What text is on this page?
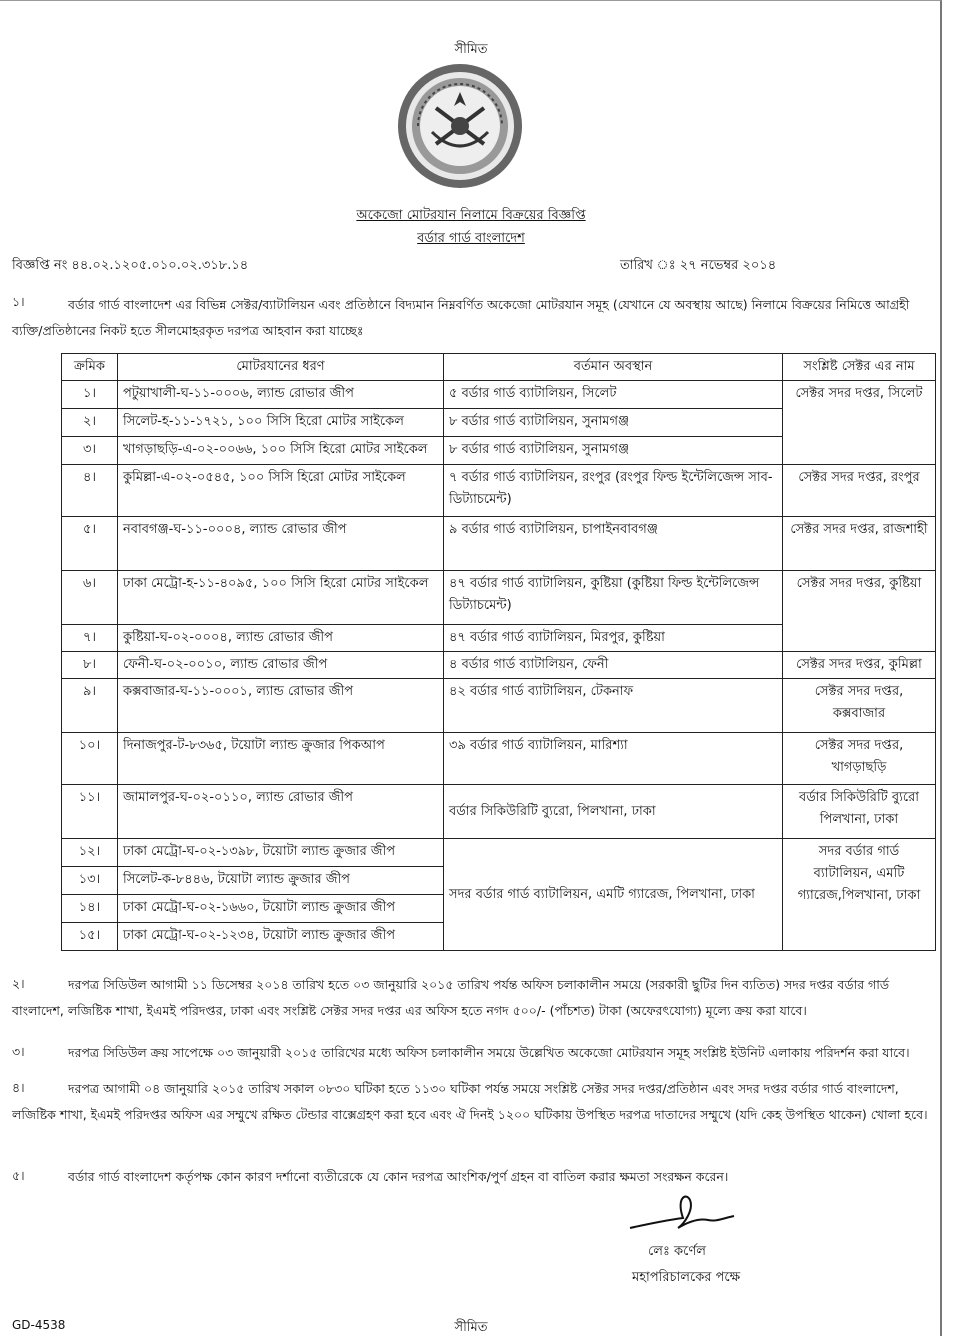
সীমিত
অকেজো মোটরযান নিলামে বিক্রয়ের বিজ্ঞপ্তি
বর্ডার গার্ড বাংলাদেশ
বিজ্ঞপ্তি নং ৪৪.০২.১২০৫.০১০.০২.৩১৮.১৪	তারিখ ঃ ২৭ নভেম্বর ২০১৪
১।	বর্ডার গার্ড বাংলাদেশ এর বিভিন্ন সেক্টর/ব্যাটালিয়ন এবং প্রতিষ্ঠানে বিদ্যমান নিম্নবর্ণিত অকেজো মোটরযান সমূহ (যেখানে যে অবস্থায় আছে) নিলামে বিক্রয়ের নিমিত্তে আগ্রহী ব্যক্তি/প্রতিষ্ঠানের নিকট হতে সীলমোহরকৃত দরপত্র আহবান করা যাচ্ছেঃ

ক্রমিক	মোটরযানের ধরণ	বর্তমান অবস্থান	সংশ্লিষ্ট সেক্টর এর নাম
১।	পটুয়াখালী-ঘ-১১-০০০৬, ল্যান্ড রোভার জীপ	৫ বর্ডার গার্ড ব্যাটালিয়ন, সিলেট	সেক্টর সদর দপ্তর, সিলেট
২।	সিলেট-হ-১১-১৭২১, ১০০ সিসি হিরো মোটর সাইকেল	৮ বর্ডার গার্ড ব্যাটালিয়ন, সুনামগঞ্জ	
৩।	খাগড়াছড়ি-এ-০২-০০৬৬, ১০০ সিসি হিরো মোটর সাইকেল	৮ বর্ডার গার্ড ব্যাটালিয়ন, সুনামগঞ্জ	
৪।	কুমিল্লা-এ-০২-০৫৪৫, ১০০ সিসি হিরো মোটর সাইকেল	৭ বর্ডার গার্ড ব্যাটালিয়ন, রংপুর (রংপুর ফিল্ড ইন্টেলিজেন্স সাব-ডিট্যাচমেন্ট)	সেক্টর সদর দপ্তর, রংপুর
৫।	নবাবগঞ্জ-ঘ-১১-০০০৪, ল্যান্ড রোভার জীপ	৯ বর্ডার গার্ড ব্যাটালিয়ন, চাপাইনবাবগঞ্জ	সেক্টর সদর দপ্তর, রাজশাহী
৬।	ঢাকা মেট্রো-হ-১১-৪০৯৫, ১০০ সিসি হিরো মোটর সাইকেল	৪৭ বর্ডার গার্ড ব্যাটালিয়ন, কুষ্টিয়া (কুষ্টিয়া ফিল্ড ইন্টেলিজেন্স ডিট্যাচমেন্ট)	সেক্টর সদর দপ্তর, কুষ্টিয়া
৭।	কুষ্টিয়া-ঘ-০২-০০০৪, ল্যান্ড রোভার জীপ	৪৭ বর্ডার গার্ড ব্যাটালিয়ন, মিরপুর, কুষ্টিয়া	
৮।	ফেনী-ঘ-০২-০০১০, ল্যান্ড রোভার জীপ	৪ বর্ডার গার্ড ব্যাটালিয়ন, ফেনী	সেক্টর সদর দপ্তর, কুমিল্লা
৯।	কক্সবাজার-ঘ-১১-০০০১, ল্যান্ড রোভার জীপ	৪২ বর্ডার গার্ড ব্যাটালিয়ন, টেকনাফ	সেক্টর সদর দপ্তর, কক্সবাজার
১০।	দিনাজপুর-ট-৮৩৬৫, টয়োটা ল্যান্ড ক্রুজার পিকআপ	৩৯ বর্ডার গার্ড ব্যাটালিয়ন, মারিশ্যা	সেক্টর সদর দপ্তর, খাগড়াছড়ি
১১।	জামালপুর-ঘ-০২-০১১০, ল্যান্ড রোভার জীপ	বর্ডার সিকিউরিটি ব্যুরো, পিলখানা, ঢাকা	বর্ডার সিকিউরিটি ব্যুরো পিলখানা, ঢাকা
১২।	ঢাকা মেট্রো-ঘ-০২-১৩৯৮, টয়োটা ল্যান্ড ক্রুজার জীপ	সদর বর্ডার গার্ড ব্যাটালিয়ন, এমটি গ্যারেজ, পিলখানা, ঢাকা	সদর বর্ডার গার্ড ব্যাটালিয়ন, এমটি গ্যারেজ,পিলখানা, ঢাকা
১৩।	সিলেট-ক-৮৪৪৬, টয়োটা ল্যান্ড ক্রুজার জীপ		
১৪।	ঢাকা মেট্রো-ঘ-০২-১৬৬০, টয়োটা ল্যান্ড ক্রুজার জীপ		
১৫।	ঢাকা মেট্রো-ঘ-০২-১২৩৪, টয়োটা ল্যান্ড ক্রুজার জীপ		
২।	দরপত্র সিডিউল আগামী ১১ ডিসেম্বর ২০১৪ তারিখ হতে ০৩ জানুয়ারি ২০১৫ তারিখ পর্যন্ত অফিস চলাকালীন সময়ে (সরকারী ছুটির দিন ব্যতিত) সদর দপ্তর বর্ডার গার্ড বাংলাদেশ, লজিষ্টিক শাখা, ইএমই পরিদপ্তর, ঢাকা এবং সংশ্লিষ্ট সেক্টর সদর দপ্তর এর অফিস হতে নগদ ৫০০/- (পাঁচশত) টাকা (অফেরৎযোগ্য) মূল্যে ক্রয় করা যাবে।

৩।	দরপত্র সিডিউল ক্রয় সাপেক্ষে ০৩ জানুয়ারী ২০১৫ তারিখের মধ্যে অফিস চলাকালীন সময়ে উল্লেখিত অকেজো মোটরযান সমূহ সংশ্লিষ্ট ইউনিট এলাকায় পরিদর্শন করা যাবে।

৪।	দরপত্র আগামী ০৪ জানুয়ারি ২০১৫ তারিখ সকাল ০৮৩০ ঘটিকা হতে ১১৩০ ঘটিকা পর্যন্ত সময়ে সংশ্লিষ্ট সেক্টর সদর দপ্তর/প্রতিষ্ঠান এবং সদর দপ্তর বর্ডার গার্ড বাংলাদেশ, লজিষ্টিক শাখা, ইএমই পরিদপ্তর অফিস এর সম্মুখে রক্ষিত টেন্ডার বাক্সেগ্রহণ করা হবে এবং ঐ দিনই ১২০০ ঘটিকায় উপস্থিত দরপত্র দাতাদের সম্মুখে (যদি কেহ উপস্থিত থাকেন) খোলা হবে।

৫।	বর্ডার গার্ড বাংলাদেশ কর্তৃপক্ষ কোন কারণ দর্শানো ব্যতীরেকে যে কোন দরপত্র আংশিক/পুর্ণ গ্রহন বা বাতিল করার ক্ষমতা সংরক্ষন করেন।

লেঃ কর্ণেল
মহাপরিচালকের পক্ষে
GD-4538	সীমিত
